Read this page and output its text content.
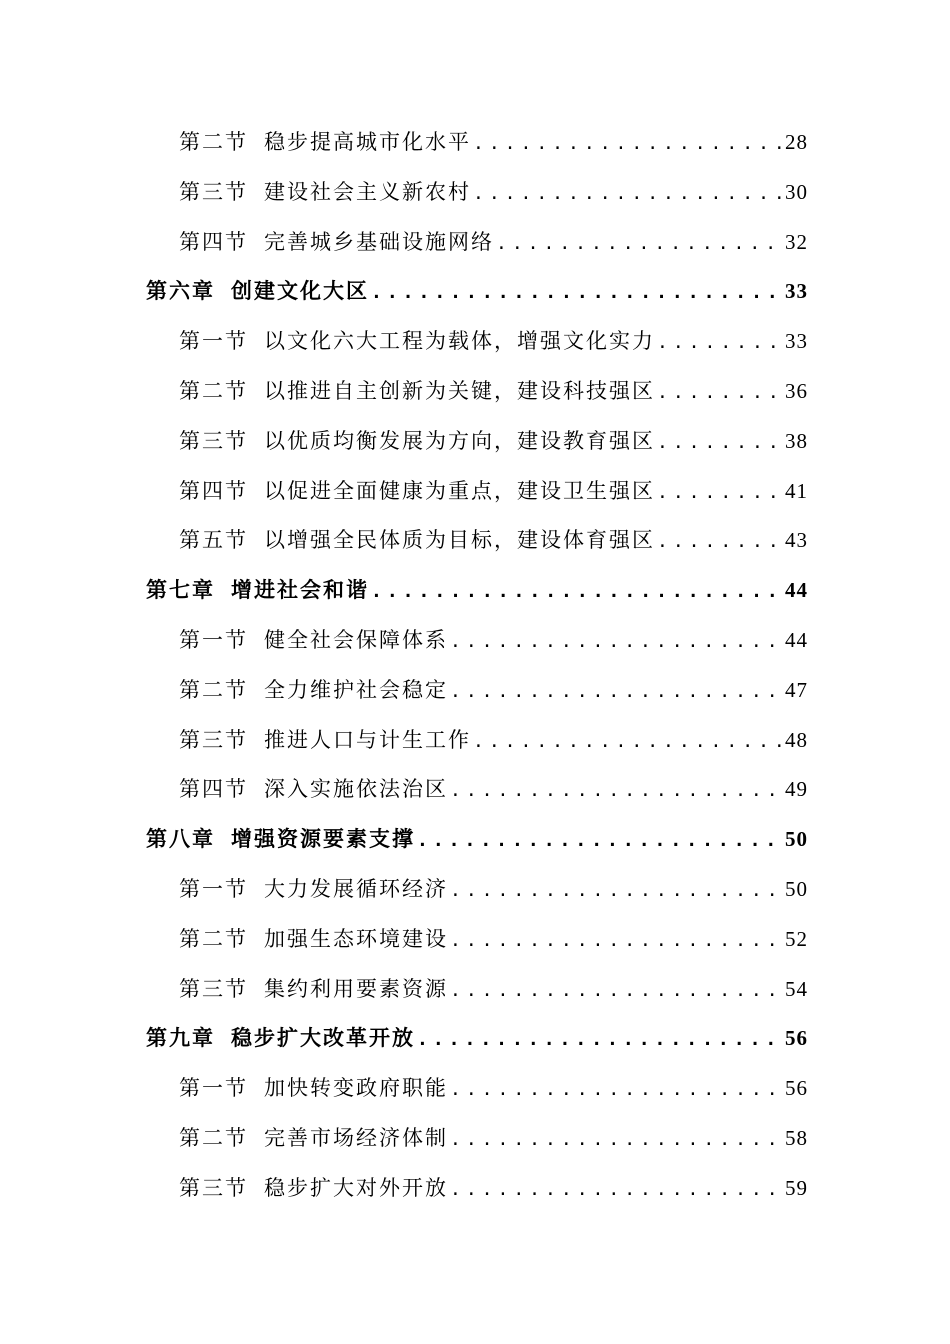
第二节 稳步提高城市化水平 .....	28
第三节 建设社会主义新农村 .....	30
第四节 完善城乡基础设施网络 .....	32
第六章 创建文化大区 .....	33
第一节 以文化六大工程为载体，增强文化实力 .....	33
第二节 以推进自主创新为关键，建设科技强区 .....	36
第三节 以优质均衡发展为方向，建设教育强区 .....	38
第四节 以促进全面健康为重点，建设卫生强区 .....	41
第五节 以增强全民体质为目标，建设体育强区 .....	43
第七章 增进社会和谐 .....	44
第一节 健全社会保障体系 .....	44
第二节 全力维护社会稳定 .....	47
第三节 推进人口与计生工作 .....	48
第四节 深入实施依法治区 .....	49
第八章 增强资源要素支撑 .....	50
第一节 大力发展循环经济 .....	50
第二节 加强生态环境建设 .....	52
第三节 集约利用要素资源 .....	54
第九章 稳步扩大改革开放 .....	56
第一节 加快转变政府职能 .....	56
第二节 完善市场经济体制 .....	58
第三节 稳步扩大对外开放 .....	59
